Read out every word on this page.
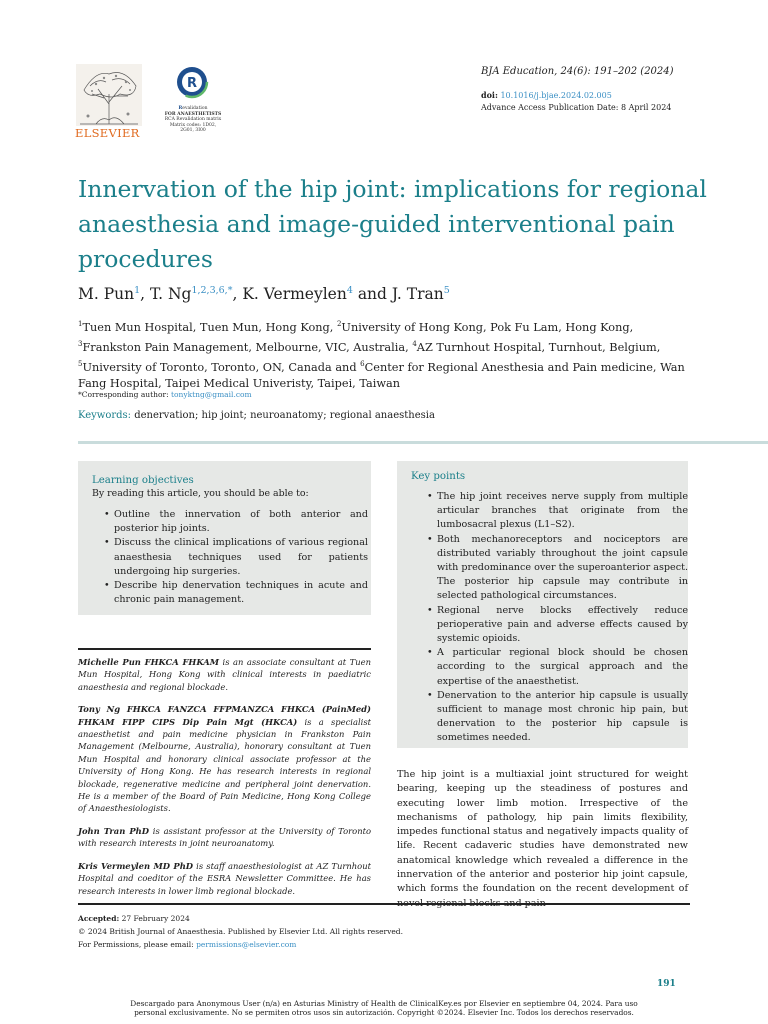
ELSEVIER
R
Revalidation
FOR ANAESTHETISTS
RCA Revalidation matrix
Matrix codes: 1D02,
2G01, 3I00
BJA Education, 24(6): 191–202 (2024)
doi: 10.1016/j.bjae.2024.02.005
Advance Access Publication Date: 8 April 2024
Innervation of the hip joint: implications for regional anaesthesia and image-guided interventional pain procedures
M. Pun$^1$, T. $Ng^{1,2,3,6,*}$, K. Vermeylen$^4$ and J. Tran$^5$
$^1$Tuen Mun Hospital, Tuen Mun, Hong Kong, $^2$University of Hong Kong, Pok Fu Lam, Hong Kong, $^3$Frankston Pain Management, Melbourne, VIC, Australia, $^4$AZ Turnhout Hospital, Turnhout, Belgium, $^5$University of Toronto, Toronto, ON, Canada and $^6$Center for Regional Anesthesia and Pain medicine, Wan Fang Hospital, Taipei Medical Univeristy, Taipei, Taiwan
*Corresponding author: tonyktng@gmail.com
Keywords: denervation; hip joint; neuroanatomy; regional anaesthesia
Learning objectives
By reading this article, you should be able to:
• Outline the innervation of both anterior and posterior hip joints.
• Discuss the clinical implications of various regional anaesthesia techniques used for patients undergoing hip surgeries.
• Describe hip denervation techniques in acute and chronic pain management.
Key points
• The hip joint receives nerve supply from multiple articular branches that originate from the lumbosacral plexus (L1–S2).
• Both mechanoreceptors and nociceptors are distributed variably throughout the joint capsule with predominance over the superoanterior aspect. The posterior hip capsule may contribute in selected pathological circumstances.
• Regional nerve blocks effectively reduce perioperative pain and adverse effects caused by systemic opioids.
• A particular regional block should be chosen according to the surgical approach and the expertise of the anaesthetist.
• Denervation to the anterior hip capsule is usually sufficient to manage most chronic hip pain, but denervation to the posterior hip capsule is sometimes needed.

Michelle Pun FHKCA FHKAM is an associate consultant at Tuen Mun Hospital, Hong Kong with clinical interests in paediatric anaesthesia and regional blockade.

Tony Ng FHKCA FANZCA FFPMANZCA FHKCA (PainMed) FHKAM FIPP CIPS Dip Pain Mgt (HKCA) is a specialist anaesthetist and pain medicine physician in Frankston Pain Management (Melbourne, Australia), honorary consultant at Tuen Mun Hospital and honorary clinical associate professor at the University of Hong Kong. He has research interests in regional blockade, regenerative medicine and peripheral joint denervation. He is a member of the Board of Pain Medicine, Hong Kong College of Anaesthesiologists.

John Tran PhD is assistant professor at the University of Toronto with research interests in joint neuroanatomy.

Kris Vermeylen MD PhD is staff anaesthesiologist at AZ Turnhout Hospital and coeditor of the ESRA Newsletter Committee. He has research interests in lower limb regional blockade.

The hip joint is a multiaxial joint structured for weight bearing, keeping up the steadiness of postures and executing lower limb motion. Irrespective of the mechanisms of pathology, hip pain limits flexibility, impedes functional status and negatively impacts quality of life. Recent cadaveric studies have demonstrated new anatomical knowledge which revealed a difference in the innervation of the anterior and posterior hip joint capsule, which forms the foundation on the recent development of

Accepted: 27 February 2024
© 2024 British Journal of Anaesthesia. Published by Elsevier Ltd. All rights reserved.
For Permissions, please email: permissions@elsevier.com
191
Descargado para Anonymous User (n/a) en Asturias Ministry of Health de ClinicalKey.es por Elsevier en septiembre 04, 2024. Para uso
personal exclusivamente. No se permiten otros usos sin autorización. Copyright ©2024. Elsevier Inc. Todos los derechos reservados.
